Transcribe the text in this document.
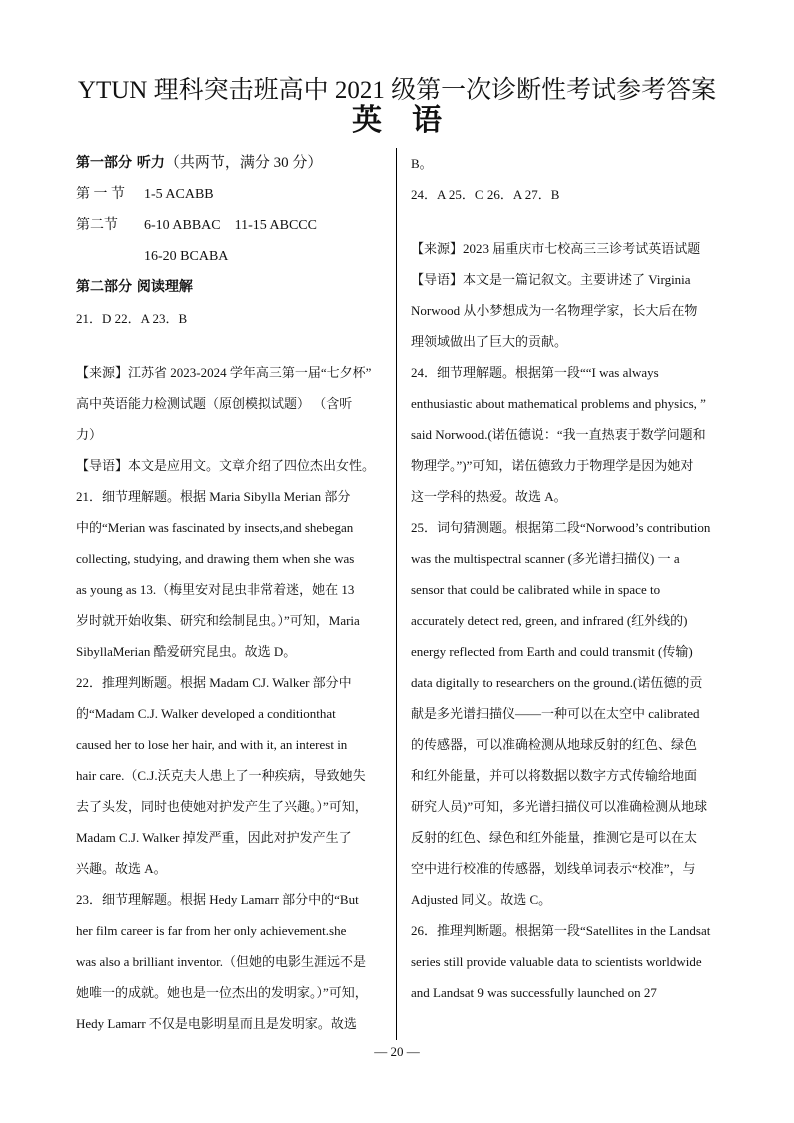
YTUN 理科突击班高中 2021 级第一次诊断性考试参考答案
英语

第一部分 听力（共两节，满分 30 分）

第 一 节 1-5 ACABB

第二节 6-10 ABBAC 11-15 ABCCC

16-20 BCABA

第二部分 阅读理解

21．D 22．A 23．B

【来源】江苏省 2023-2024 学年高三第一届“七夕杯”

高中英语能力检测试题（原创模拟试题） （含听

力）

【导语】本文是应用文。文章介绍了四位杰出女性。

21．细节理解题。根据 Maria Sibylla Merian 部分

中的“Merian was fascinated by insects,and shebegan

collecting, studying, and drawing them when she was

as young as 13.（梅里安对昆虫非常着迷，她在 13

岁时就开始收集、研究和绘制昆虫。）”可知，Maria

SibyllaMerian 酷爱研究昆虫。故选 D。

22．推理判断题。根据 Madam CJ. Walker 部分中

的“Madam C.J. Walker developed a conditionthat

caused her to lose her hair, and with it, an interest in

hair care.（C.J.沃克夫人患上了一种疾病，导致她失

去了头发，同时也使她对护发产生了兴趣。）”可知，

Madam C.J. Walker 掉发严重，因此对护发产生了

兴趣。故选 A。

23．细节理解题。根据 Hedy Lamarr 部分中的“But

her film career is far from her only achievement.she

was also a brilliant inventor.（但她的电影生涯远不是

她唯一的成就。她也是一位杰出的发明家。）”可知，

Hedy Lamarr 不仅是电影明星而且是发明家。故选

B。

24．A 25．C 26．A 27．B

【来源】2023 届重庆市七校高三三诊考试英语试题

【导语】本文是一篇记叙文。主要讲述了 Virginia

Norwood 从小梦想成为一名物理学家，长大后在物

理领域做出了巨大的贡献。

24．细节理解题。根据第一段““I was always

enthusiastic about mathematical problems and physics, ”

said Norwood.(诺伍德说：“我一直热衷于数学问题和

物理学。”)”可知，诺伍德致力于物理学是因为她对

这一学科的热爱。故选 A。

25．词句猜测题。根据第二段“Norwood’s contribution

was the multispectral scanner (多光谱扫描仪) 一 a

sensor that could be calibrated while in space to

accurately detect red, green, and infrared (红外线的)

energy reflected from Earth and could transmit (传输)

data digitally to researchers on the ground.(诺伍德的贡

献是多光谱扫描仪——一种可以在太空中 calibrated

的传感器，可以准确检测从地球反射的红色、绿色

和红外能量，并可以将数据以数字方式传输给地面

研究人员)”可知，多光谱扫描仪可以准确检测从地球

反射的红色、绿色和红外能量，推测它是可以在太

空中进行校准的传感器，划线单词表示“校准”，与

Adjusted 同义。故选 C。

26．推理判断题。根据第一段“Satellites in the Landsat

series still provide valuable data to scientists worldwide

and Landsat 9 was successfully launched on 27

— 20 —
